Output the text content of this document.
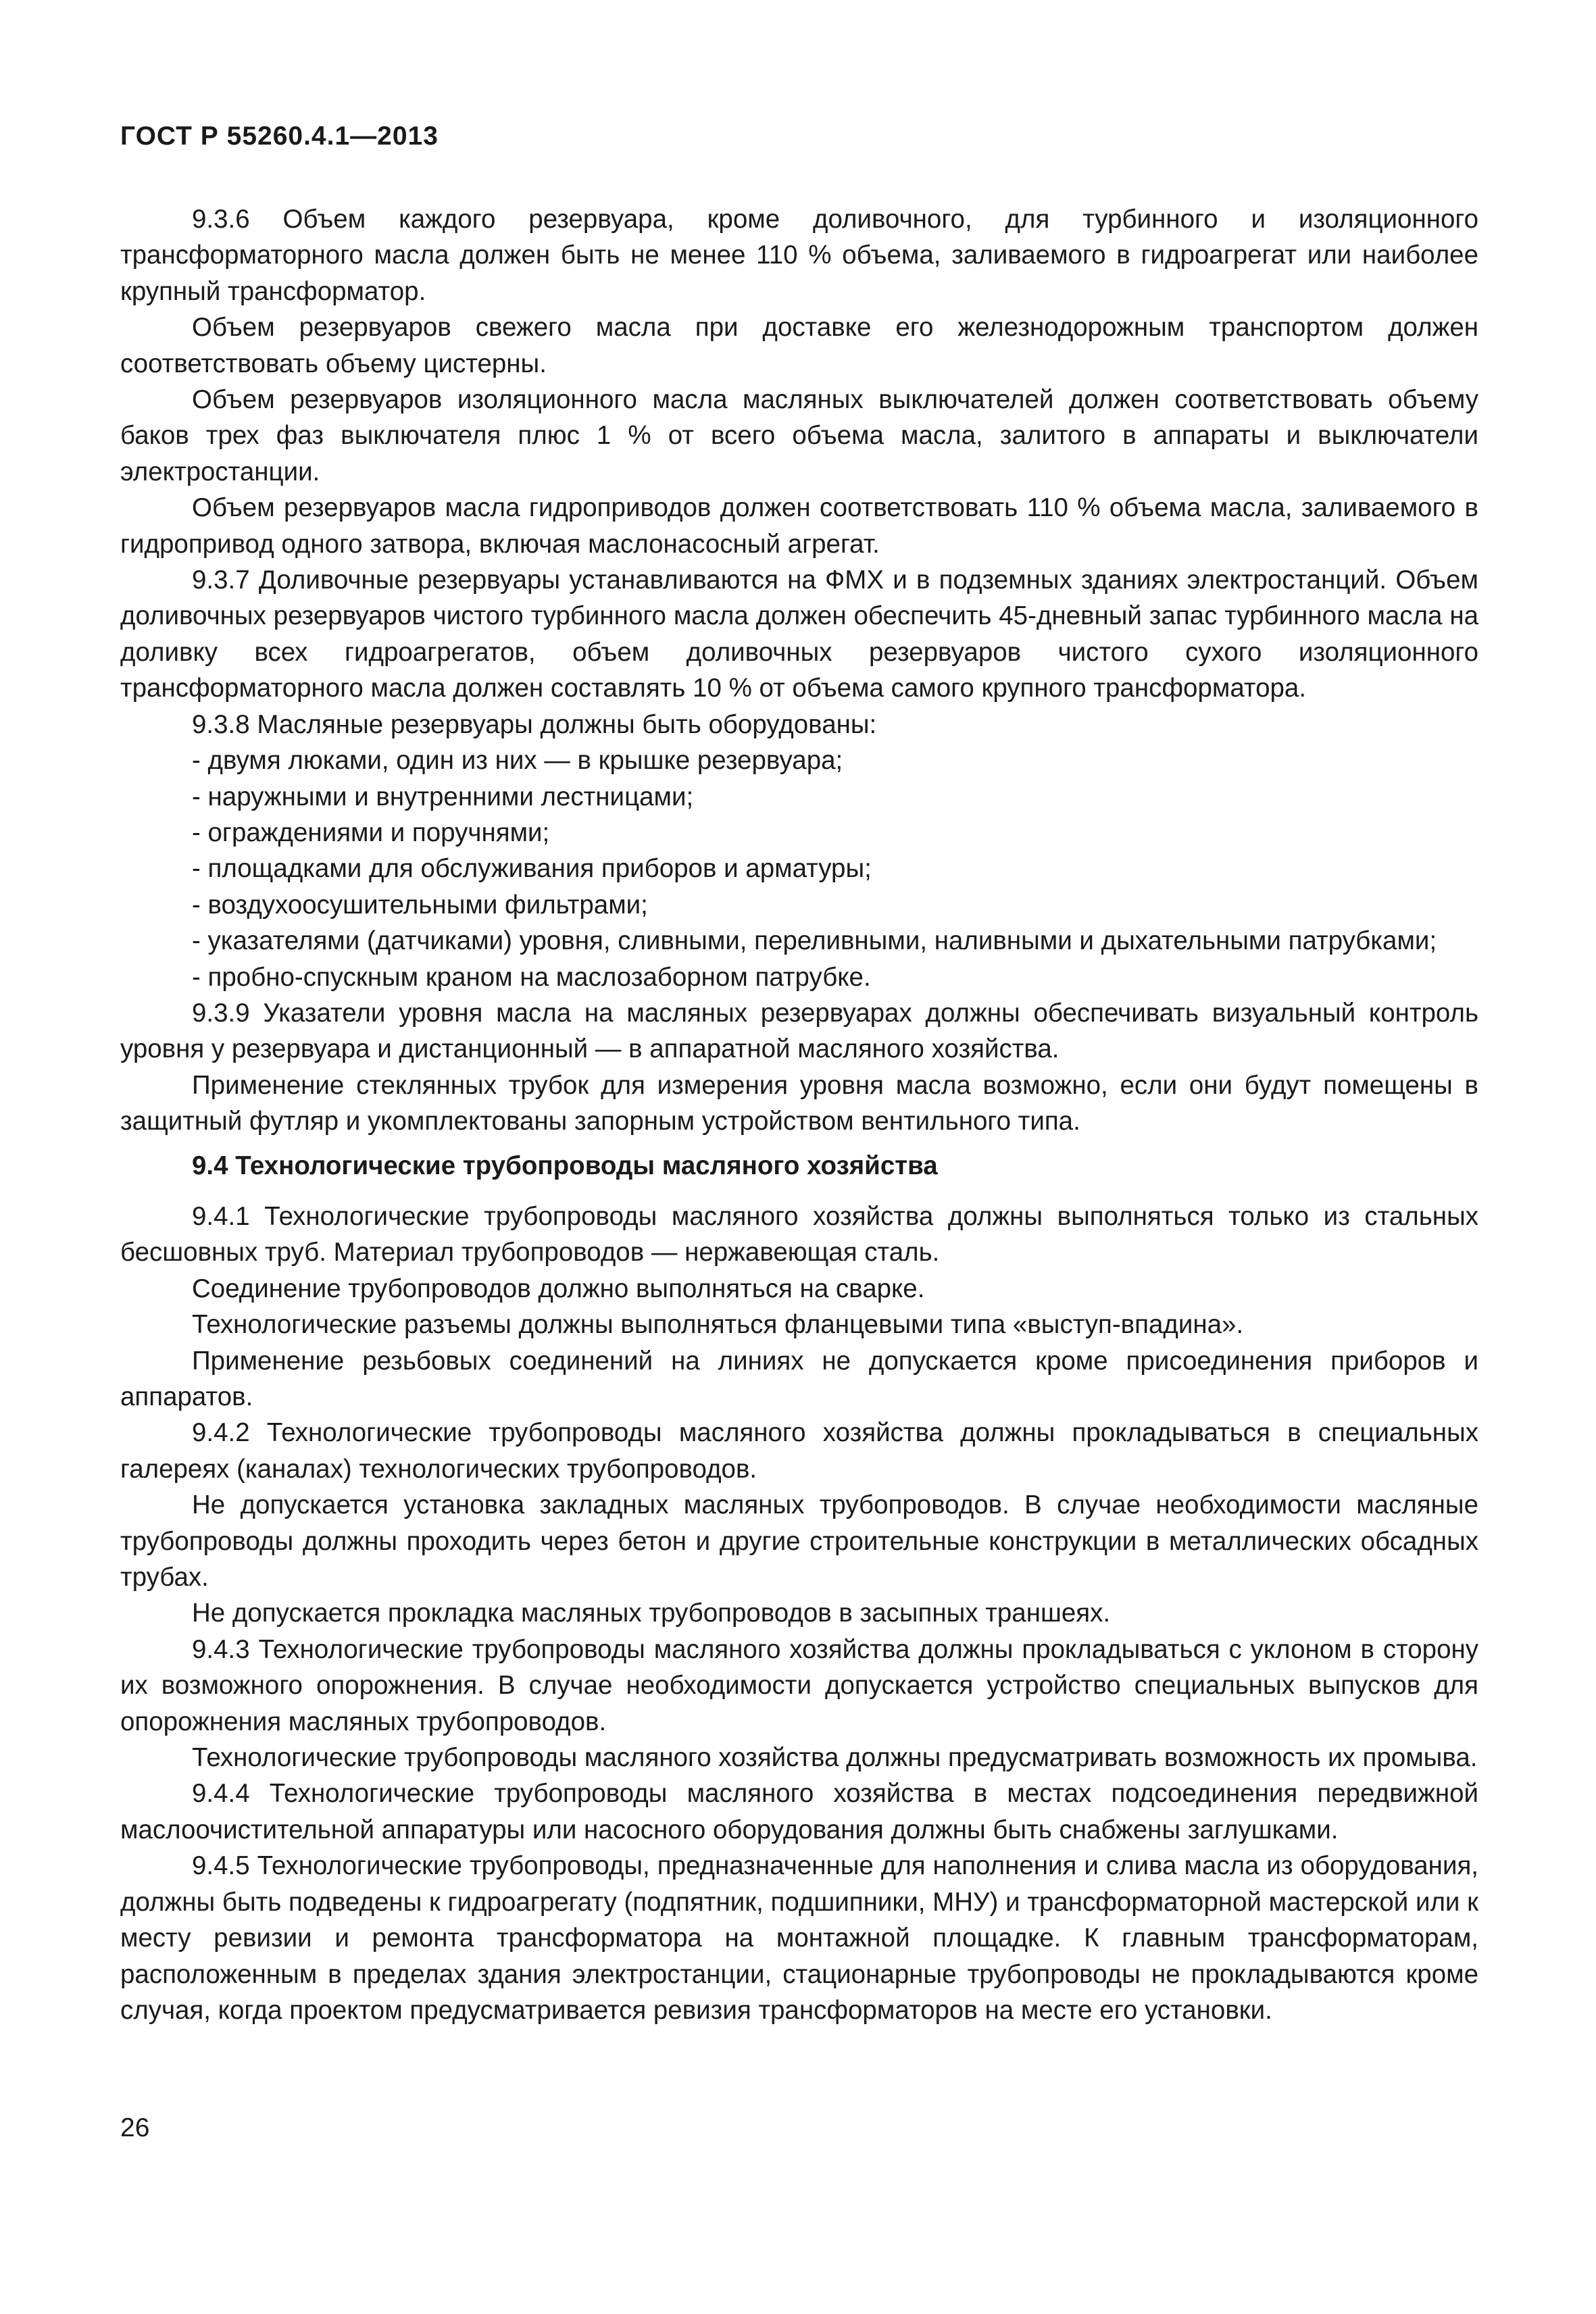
ГОСТ Р 55260.4.1—2013

9.3.6 Объем каждого резервуара, кроме доливочного, для турбинного и изоляционного трансформаторного масла должен быть не менее 110 % объема, заливаемого в гидроагрегат или наиболее крупный трансформатор.

Объем резервуаров свежего масла при доставке его железнодорожным транспортом должен соответствовать объему цистерны.

Объем резервуаров изоляционного масла масляных выключателей должен соответствовать объему баков трех фаз выключателя плюс 1 % от всего объема масла, залитого в аппараты и выключатели электростанции.

Объем резервуаров масла гидроприводов должен соответствовать 110 % объема масла, заливаемого в гидропривод одного затвора, включая маслонасосный агрегат.

9.3.7 Доливочные резервуары устанавливаются на ФМХ и в подземных зданиях электростанций. Объем доливочных резервуаров чистого турбинного масла должен обеспечить 45-дневный запас турбинного масла на доливку всех гидроагрегатов, объем доливочных резервуаров чистого сухого изоляционного трансформаторного масла должен составлять 10 % от объема самого крупного трансформатора.

9.3.8 Масляные резервуары должны быть оборудованы:

- двумя люками, один из них — в крышке резервуара;

- наружными и внутренними лестницами;

- ограждениями и поручнями;

- площадками для обслуживания приборов и арматуры;

- воздухоосушительными фильтрами;

- указателями (датчиками) уровня, сливными, переливными, наливными и дыхательными патрубками;

- пробно-спускным краном на маслозаборном патрубке.

9.3.9 Указатели уровня масла на масляных резервуарах должны обеспечивать визуальный контроль уровня у резервуара и дистанционный — в аппаратной масляного хозяйства.

Применение стеклянных трубок для измерения уровня масла возможно, если они будут помещены в защитный футляр и укомплектованы запорным устройством вентильного типа.

9.4 Технологические трубопроводы масляного хозяйства

9.4.1 Технологические трубопроводы масляного хозяйства должны выполняться только из стальных бесшовных труб. Материал трубопроводов — нержавеющая сталь.

Соединение трубопроводов должно выполняться на сварке.

Технологические разъемы должны выполняться фланцевыми типа «выступ-впадина».

Применение резьбовых соединений на линиях не допускается кроме присоединения приборов и аппаратов.

9.4.2 Технологические трубопроводы масляного хозяйства должны прокладываться в специальных галереях (каналах) технологических трубопроводов.

Не допускается установка закладных масляных трубопроводов. В случае необходимости масляные трубопроводы должны проходить через бетон и другие строительные конструкции в металлических обсадных трубах.

Не допускается прокладка масляных трубопроводов в засыпных траншеях.

9.4.3 Технологические трубопроводы масляного хозяйства должны прокладываться с уклоном в сторону их возможного опорожнения. В случае необходимости допускается устройство специальных выпусков для опорожнения масляных трубопроводов.

Технологические трубопроводы масляного хозяйства должны предусматривать возможность их промыва.

9.4.4 Технологические трубопроводы масляного хозяйства в местах подсоединения передвижной маслоочистительной аппаратуры или насосного оборудования должны быть снабжены заглушками.

9.4.5 Технологические трубопроводы, предназначенные для наполнения и слива масла из оборудования, должны быть подведены к гидроагрегату (подпятник, подшипники, МНУ) и трансформаторной мастерской или к месту ревизии и ремонта трансформатора на монтажной площадке. К главным трансформаторам, расположенным в пределах здания электростанции, стационарные трубопроводы не прокладываются кроме случая, когда проектом предусматривается ревизия трансформаторов на месте его установки.

26
